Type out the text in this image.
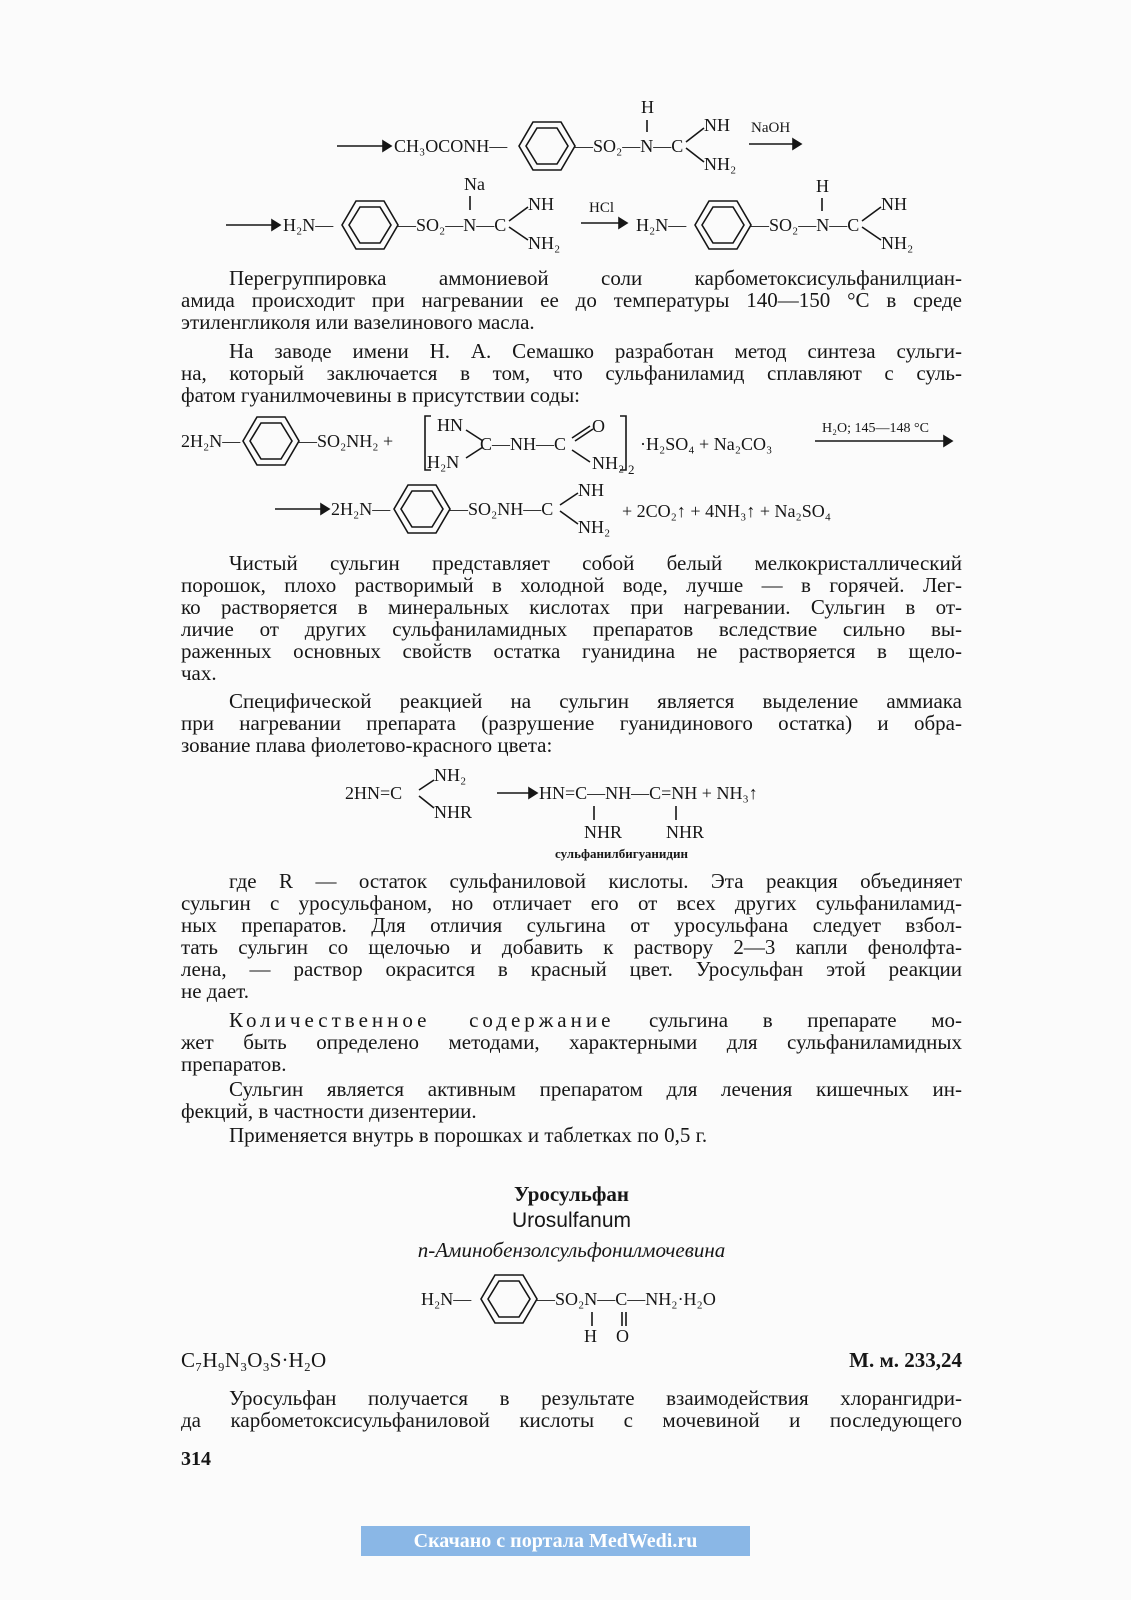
H
CH₃OCONH—	—SO₂—N—C
NH
NH₂
NaOH
Na
H₂N—	—SO₂—N—C
NH
NH₂
HCl
H₂N—
H
—SO₂—N—C
NH
NH₂

Перегруппировка аммониевой соли карбометоксисульфанилциан-
амида происходит при нагревании ее до температуры 140—150 °С в среде
этиленгликоля или вазелинового масла.

На заводе имени Н. А. Семашко разработан метод синтеза сульги-
на, который заключается в том, что сульфаниламид сплавляют с суль-
фатом гуанилмочевины в присутствии соды:

2H₂N—	—SO₂NH₂ +
HN
H₂N
C—NH—C
O
NH₂ 2
·H₂SO₄ + Na₂CO₃
H₂O; 145—148 °C
2H₂N—	—SO₂NH—C
NH
NH₂
+ 2CO₂↑ + 4NH₃↑ + Na₂SO₄

Чистый сульгин представляет собой белый мелкокристаллический
порошок, плохо растворимый в холодной воде, лучше — в горячей. Лег-
ко растворяется в минеральных кислотах при нагревании. Сульгин в от-
личие от других сульфаниламидных препаратов вследствие сильно вы-
раженных основных свойств остатка гуанидина не растворяется в щело-
чах.

Специфической реакцией на сульгин является выделение аммиака
при нагревании препарата (разрушение гуанидинового остатка) и обра-
зование плава фиолетово-красного цвета:

2HN=C
NH₂
NHR
HN=C—NH—C=NH + NH₃↑
NHR NHR
сульфанилбигуанидин

где R — остаток сульфаниловой кислоты. Эта реакция объединяет
сульгин с уросульфаном, но отличает его от всех других сульфаниламид-
ных препаратов. Для отличия сульгина от уросульфана следует взбол-
тать сульгин со щелочью и добавить к раствору 2—3 капли фенолфта-
лена, — раствор окрасится в красный цвет. Уросульфан этой реакции
не дает.

Количественное содержание сульгина в препарате мо-
жет быть определено методами, характерными для сульфаниламидных
препаратов.

Сульгин является активным препаратом для лечения кишечных ин-
фекций, в частности дизентерии.

Применяется внутрь в порошках и таблетках по 0,5 г.

Уросульфан
Urosulfanum
n-Аминобензолсульфонилмочевина
H₂N—	—SO₂N—C—NH₂·H₂O
H O
C₇H₉N₃O₃S·H₂O	М. м. 233,24

Уросульфан получается в результате взаимодействия хлорангидри-
да карбометоксисульфаниловой кислоты с мочевиной и последующего

314
Скачано с портала MedWedi.ru
